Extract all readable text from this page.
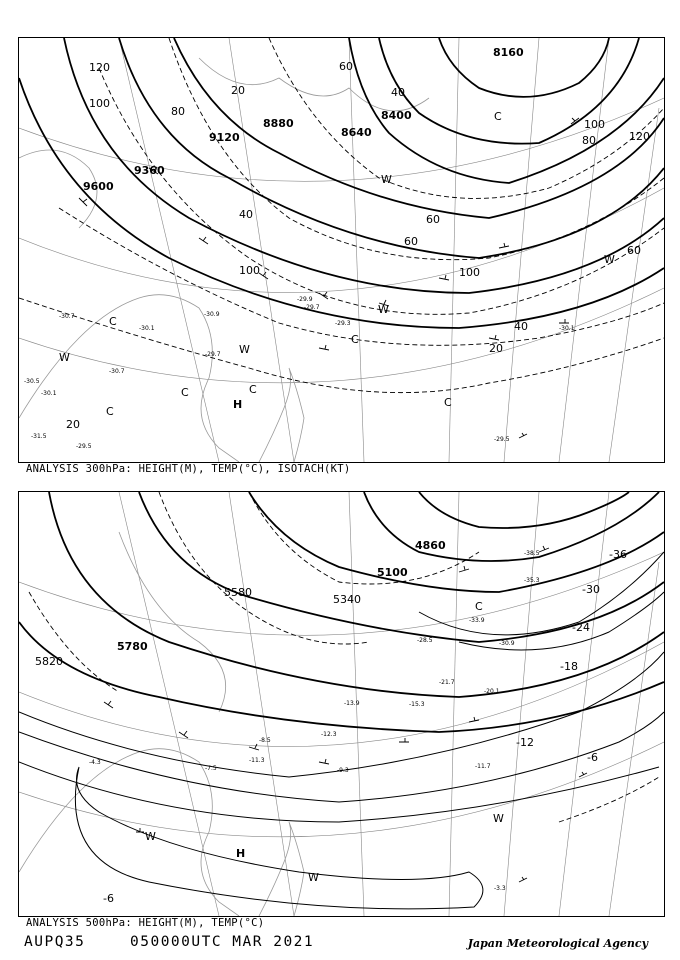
8160
8400
8640
8880
9120
9360
9600
120
100
80
60
40
20
60
100
80	120
60
100
40
20
60
100
40
20
C
C	C
C
C
C
C
W
W
W
W
W
H
-30.7
-29.7
-30.9
-30.1
-29.9
-29.3
-30.5
-31.5
-30.1
-29.5
-30.7
-29.7
-30.1
-29.5
ANALYSIS 300hPa: HEIGHT(M), TEMP(°C), ISOTACH(KT)
4860
5100
5340
5580
5820
5780
-36
-30
-24
-18
-12
-6
-6
H
W
W
W
C
-13.9	-15.3
-12.3
-11.3
-9.3
-8.5
-11.7
-7.5
-4.3
-3.3
-20.1
-21.7
-28.5
-33.9
-30.9
-35.3
-38.5
ANALYSIS 500hPa: HEIGHT(M), TEMP(°C)
AUPQ35	050000UTC MAR 2021	Japan Meteorological Agency
